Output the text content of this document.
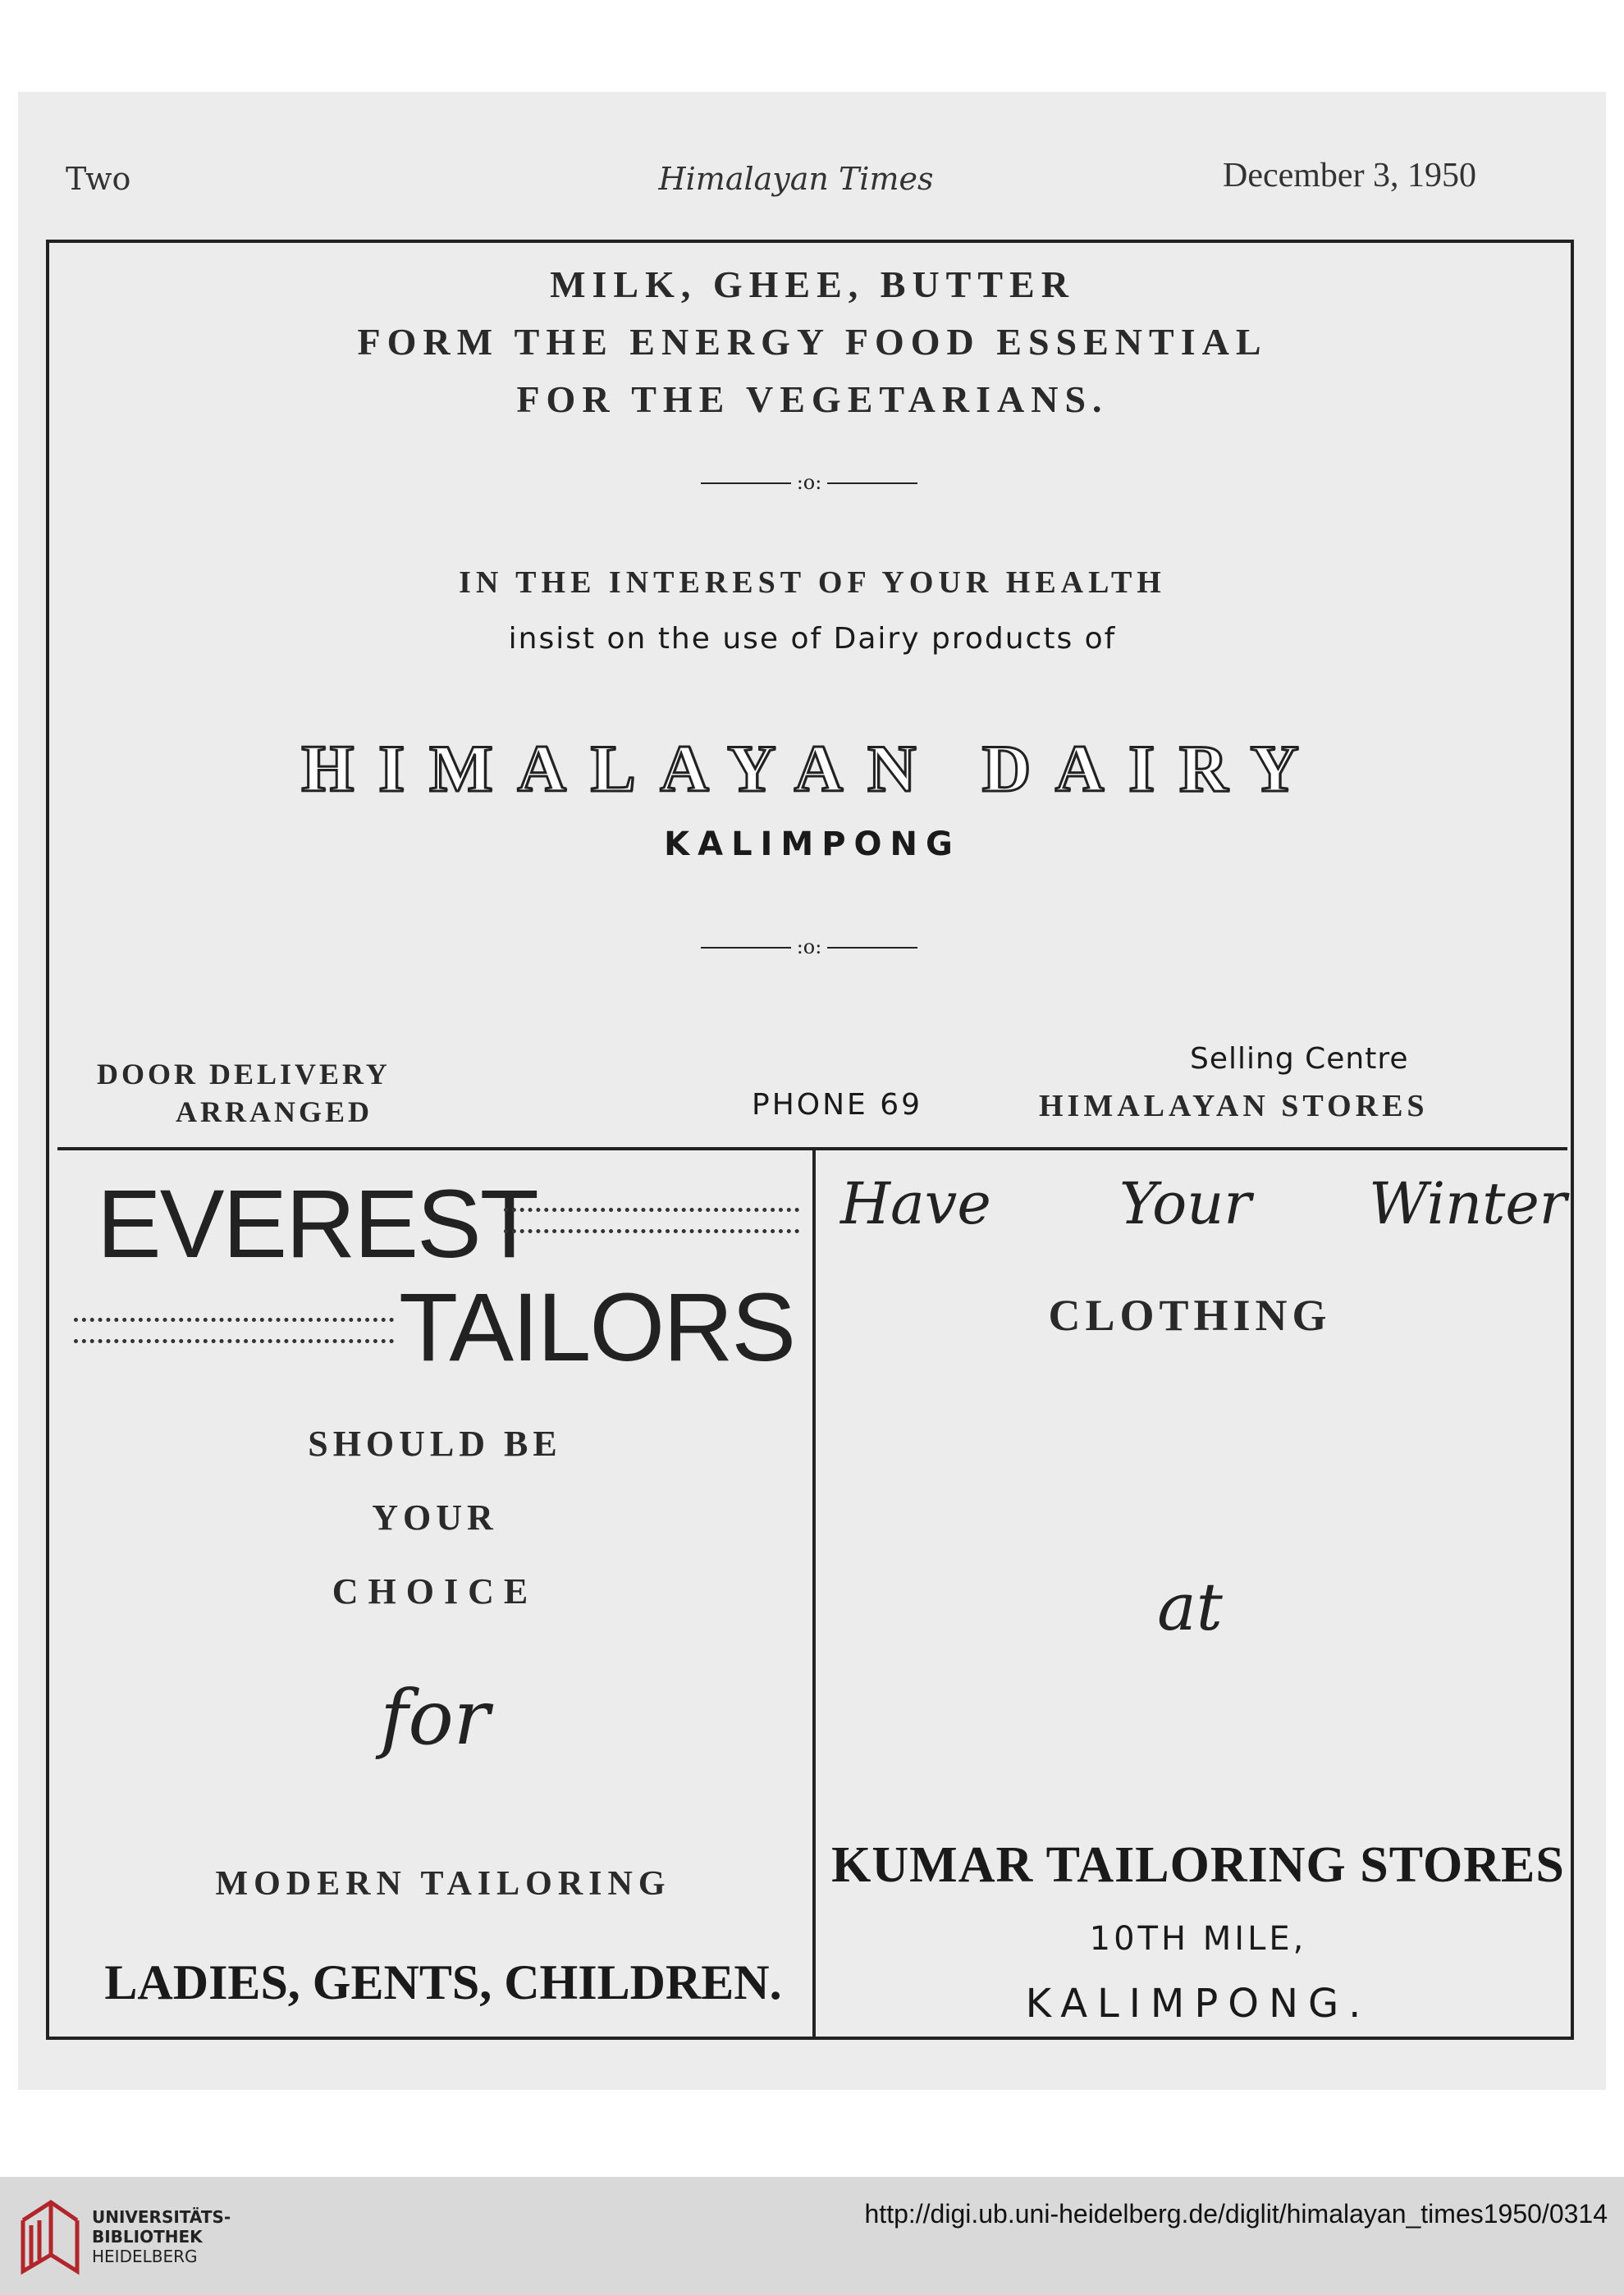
Two	Himalayan Times	December 3, 1950
MILK, GHEE, BUTTER
FORM THE ENERGY FOOD ESSENTIAL
FOR THE VEGETARIANS.
:o:
IN THE INTEREST OF YOUR HEALTH
insist on the use of Dairy products of
HIMALAYAN DAIRY
KALIMPONG
:o:
DOOR DELIVERY
ARRANGED	PHONE 69
Selling Centre
HIMALAYAN STORES
EVEREST
TAILORS
SHOULD BE
YOUR
CHOICE
for
MODERN TAILORING
LADIES, GENTS, CHILDREN.
Have Your Winter
CLOTHING
at
KUMAR TAILORING STORES
10TH MILE,
KALIMPONG.
UNIVERSITÄTS-
BIBLIOTHEK
HEIDELBERG
http://digi.ub.uni-heidelberg.de/diglit/himalayan_times1950/0314
